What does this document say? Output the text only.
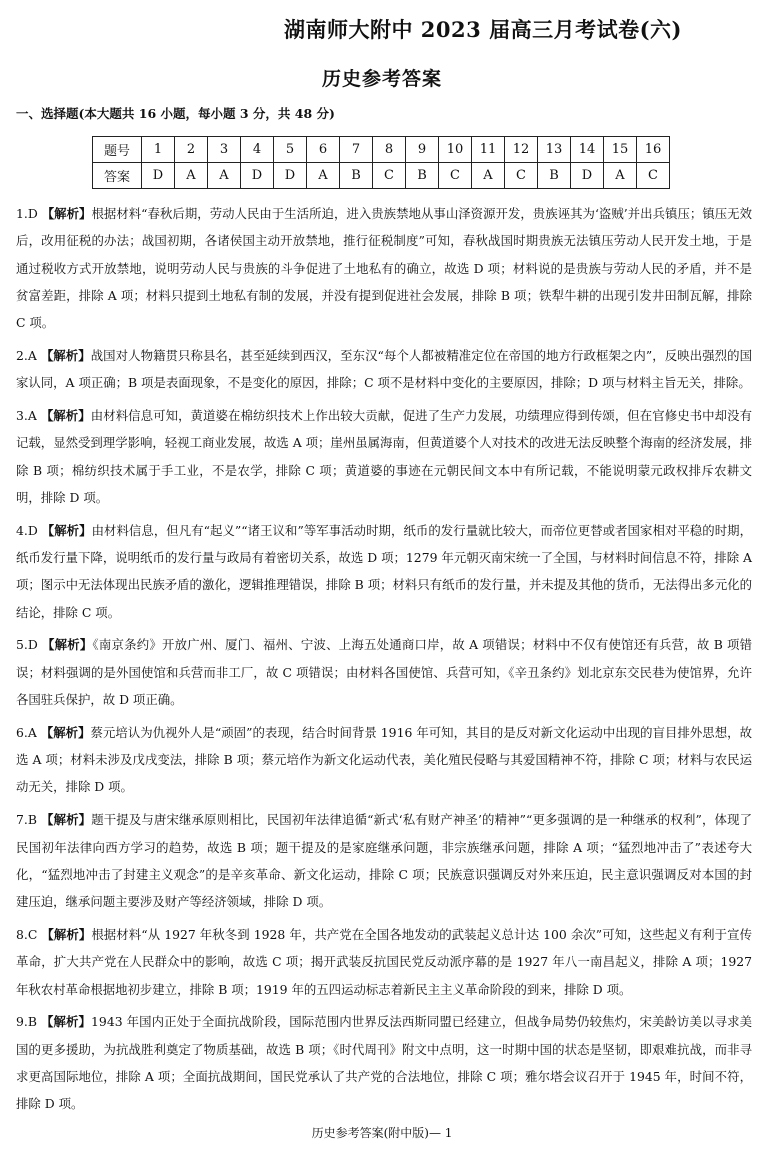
湖南师大附中 2023 届高三月考试卷(六)
历史参考答案
一、选择题(本大题共 16 小题，每小题 3 分，共 48 分)
题号	1	2	3	4	5	6	7	8	9	10	11	12	13	14	15	16
答案	D	A	A	D	D	A	B	C	B	C	A	C	B	D	A	C

1.D 【解析】根据材料“春秋后期，劳动人民由于生活所迫，进入贵族禁地从事山泽资源开发，贵族诬其为‘盗贼’并出兵镇压；镇压无效后，改用征税的办法；战国初期，各诸侯国主动开放禁地，推行征税制度”可知，春秋战国时期贵族无法镇压劳动人民开发土地，于是通过税收方式开放禁地，说明劳动人民与贵族的斗争促进了土地私有的确立，故选 D 项；材料说的是贵族与劳动人民的矛盾，并不是贫富差距，排除 A 项；材料只提到土地私有制的发展，并没有提到促进社会发展，排除 B 项；铁犁牛耕的出现引发井田制瓦解，排除 C 项。

2.A 【解析】战国对人物籍贯只称县名，甚至延续到西汉，至东汉“每个人都被精准定位在帝国的地方行政框架之内”，反映出强烈的国家认同，A 项正确；B 项是表面现象，不是变化的原因，排除；C 项不是材料中变化的主要原因，排除；D 项与材料主旨无关，排除。

3.A 【解析】由材料信息可知，黄道婆在棉纺织技术上作出较大贡献，促进了生产力发展，功绩理应得到传颂，但在官修史书中却没有记载，显然受到理学影响，轻视工商业发展，故选 A 项；崖州虽属海南，但黄道婆个人对技术的改进无法反映整个海南的经济发展，排除 B 项；棉纺织技术属于手工业，不是农学，排除 C 项；黄道婆的事迹在元朝民间文本中有所记载，不能说明蒙元政权排斥农耕文明，排除 D 项。

4.D 【解析】由材料信息，但凡有“起义”“诸王议和”等军事活动时期，纸币的发行量就比较大，而帝位更替或者国家相对平稳的时期，纸币发行量下降，说明纸币的发行量与政局有着密切关系，故选 D 项；1279 年元朝灭南宋统一了全国，与材料时间信息不符，排除 A 项；图示中无法体现出民族矛盾的激化，逻辑推理错误，排除 B 项；材料只有纸币的发行量，并未提及其他的货币，无法得出多元化的结论，排除 C 项。

5.D 【解析】《南京条约》开放广州、厦门、福州、宁波、上海五处通商口岸，故 A 项错误；材料中不仅有使馆还有兵营，故 B 项错误；材料强调的是外国使馆和兵营而非工厂，故 C 项错误；由材料各国使馆、兵营可知，《辛丑条约》划北京东交民巷为使馆界，允许各国驻兵保护，故 D 项正确。

6.A 【解析】蔡元培认为仇视外人是“顽固”的表现，结合时间背景 1916 年可知，其目的是反对新文化运动中出现的盲目排外思想，故选 A 项；材料未涉及戊戌变法，排除 B 项；蔡元培作为新文化运动代表，美化殖民侵略与其爱国精神不符，排除 C 项；材料与农民运动无关，排除 D 项。

7.B 【解析】题干提及与唐宋继承原则相比，民国初年法律追循“新式‘私有财产神圣’的精神”“更多强调的是一种继承的权利”，体现了民国初年法律向西方学习的趋势，故选 B 项；题干提及的是家庭继承问题，非宗族继承问题，排除 A 项；“猛烈地冲击了”表述夸大化，“猛烈地冲击了封建主义观念”的是辛亥革命、新文化运动，排除 C 项；民族意识强调反对外来压迫，民主意识强调反对本国的封建压迫，继承问题主要涉及财产等经济领域，排除 D 项。

8.C 【解析】根据材料“从 1927 年秋冬到 1928 年，共产党在全国各地发动的武装起义总计达 100 余次”可知，这些起义有利于宣传革命，扩大共产党在人民群众中的影响，故选 C 项；揭开武装反抗国民党反动派序幕的是 1927 年八一南昌起义，排除 A 项；1927 年秋农村革命根据地初步建立，排除 B 项；1919 年的五四运动标志着新民主主义革命阶段的到来，排除 D 项。

9.B 【解析】1943 年国内正处于全面抗战阶段，国际范围内世界反法西斯同盟已经建立，但战争局势仍较焦灼，宋美龄访美以寻求美国的更多援助，为抗战胜利奠定了物质基础，故选 B 项；《时代周刊》附文中点明，这一时期中国的状态是坚韧，即艰难抗战，而非寻求更高国际地位，排除 A 项；全面抗战期间，国民党承认了共产党的合法地位，排除 C 项；雅尔塔会议召开于 1945 年，时间不符，排除 D 项。

历史参考答案(附中版)— 1
